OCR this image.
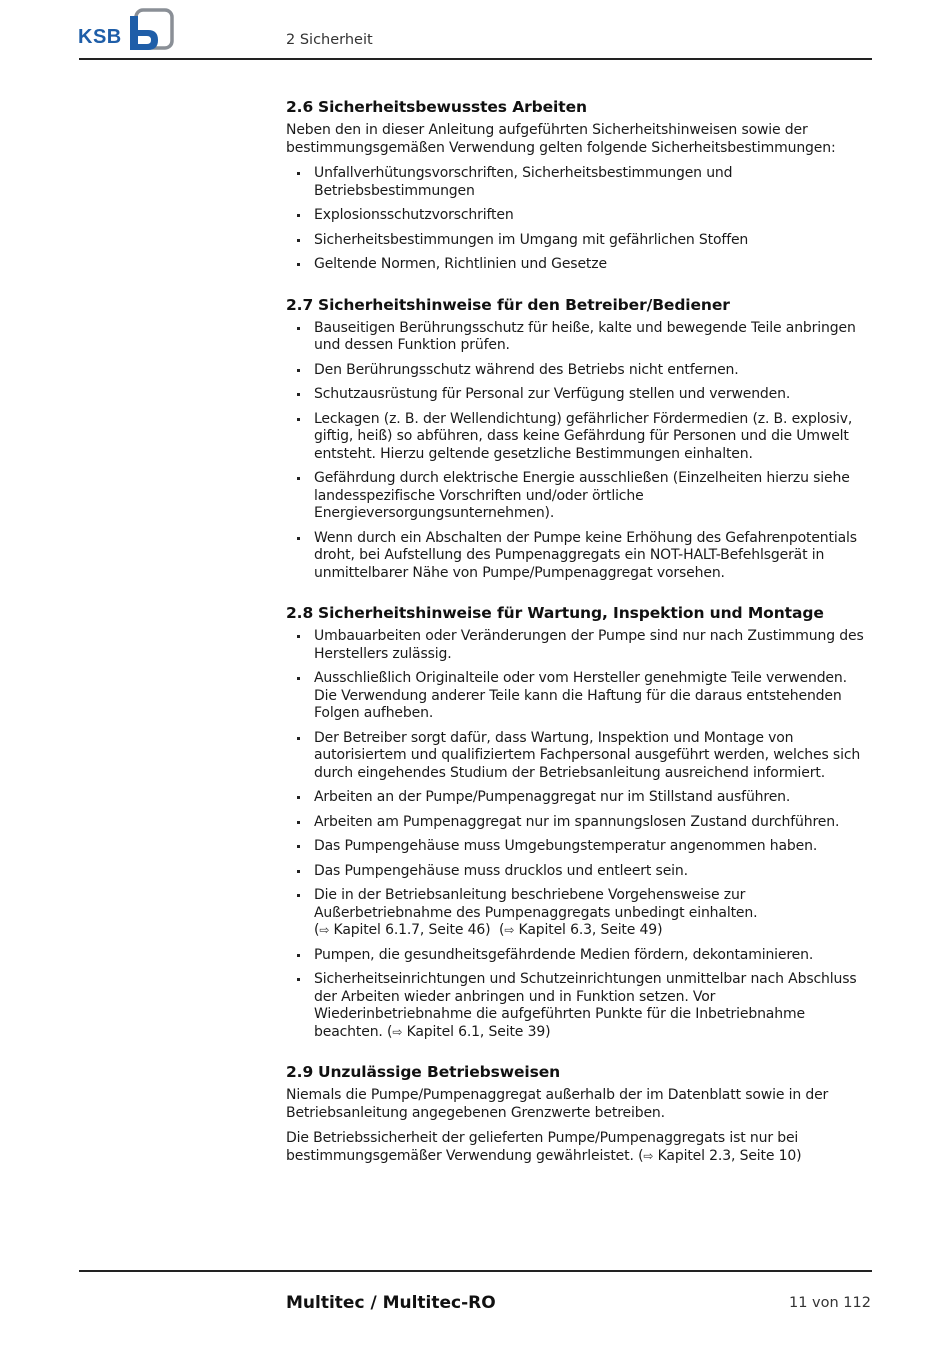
KSB	2 Sicherheit
2.6 Sicherheitsbewusstes Arbeiten

Neben den in dieser Anleitung aufgeführten Sicherheitshinweisen sowie der bestimmungsgemäßen Verwendung gelten folgende Sicherheitsbestimmungen:

Unfallverhütungsvorschriften, Sicherheitsbestimmungen und Betriebsbestimmungen
Explosionsschutzvorschriften
Sicherheitsbestimmungen im Umgang mit gefährlichen Stoffen
Geltende Normen, Richtlinien und Gesetze
2.7 Sicherheitshinweise für den Betreiber/Bediener
Bauseitigen Berührungsschutz für heiße, kalte und bewegende Teile anbringen und dessen Funktion prüfen.
Den Berührungsschutz während des Betriebs nicht entfernen.
Schutzausrüstung für Personal zur Verfügung stellen und verwenden.
Leckagen (z. B. der Wellendichtung) gefährlicher Fördermedien (z. B. explosiv, giftig, heiß) so abführen, dass keine Gefährdung für Personen und die Umwelt entsteht. Hierzu geltende gesetzliche Bestimmungen einhalten.
Gefährdung durch elektrische Energie ausschließen (Einzelheiten hierzu siehe landesspezifische Vorschriften und/oder örtliche Energieversorgungsunternehmen).
Wenn durch ein Abschalten der Pumpe keine Erhöhung des Gefahrenpotentials droht, bei Aufstellung des Pumpenaggregats ein NOT-HALT-Befehlsgerät in unmittelbarer Nähe von Pumpe/Pumpenaggregat vorsehen.
2.8 Sicherheitshinweise für Wartung, Inspektion und Montage
Umbauarbeiten oder Veränderungen der Pumpe sind nur nach Zustimmung des Herstellers zulässig.
Ausschließlich Originalteile oder vom Hersteller genehmigte Teile verwenden. Die Verwendung anderer Teile kann die Haftung für die daraus entstehenden Folgen aufheben.
Der Betreiber sorgt dafür, dass Wartung, Inspektion und Montage von autorisiertem und qualifiziertem Fachpersonal ausgeführt werden, welches sich durch eingehendes Studium der Betriebsanleitung ausreichend informiert.
Arbeiten an der Pumpe/Pumpenaggregat nur im Stillstand ausführen.
Arbeiten am Pumpenaggregat nur im spannungslosen Zustand durchführen.
Das Pumpengehäuse muss Umgebungstemperatur angenommen haben.
Das Pumpengehäuse muss drucklos und entleert sein.
Die in der Betriebsanleitung beschriebene Vorgehensweise zur Außerbetriebnahme des Pumpenaggregats unbedingt einhalten.
(⇨ Kapitel 6.1.7, Seite 46)  (⇨ Kapitel 6.3, Seite 49)
Pumpen, die gesundheitsgefährdende Medien fördern, dekontaminieren.
Sicherheitseinrichtungen und Schutzeinrichtungen unmittelbar nach Abschluss der Arbeiten wieder anbringen und in Funktion setzen. Vor Wiederinbetriebnahme die aufgeführten Punkte für die Inbetriebnahme beachten. (⇨ Kapitel 6.1, Seite 39)
2.9 Unzulässige Betriebsweisen

Niemals die Pumpe/Pumpenaggregat außerhalb der im Datenblatt sowie in der Betriebsanleitung angegebenen Grenzwerte betreiben.

Die Betriebssicherheit der gelieferten Pumpe/Pumpenaggregats ist nur bei bestimmungsgemäßer Verwendung gewährleistet. (⇨ Kapitel 2.3, Seite 10)

Multitec / Multitec-RO	11 von 112
